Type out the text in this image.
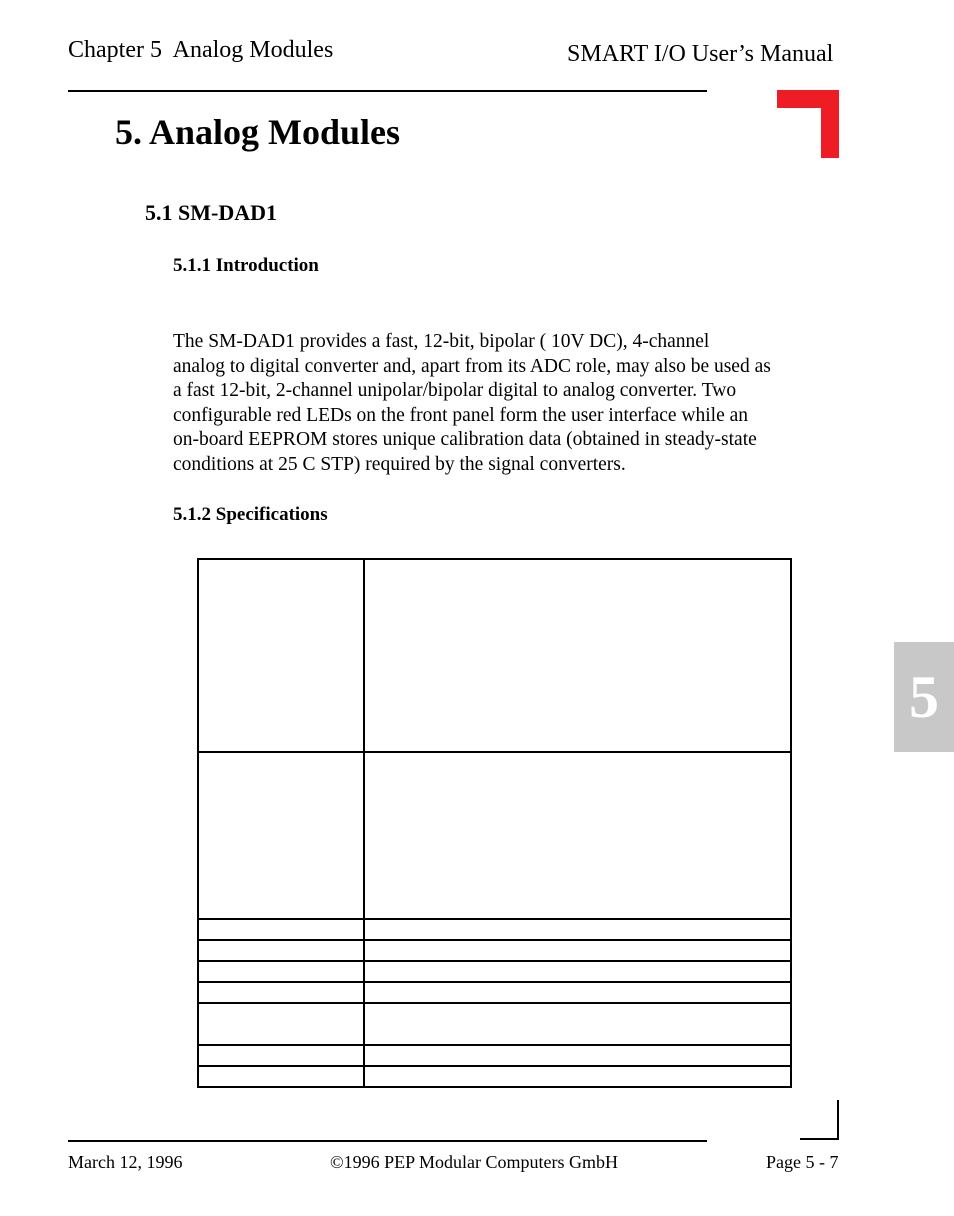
Chapter 5  Analog Modules	SMART I/O User’s Manual
5. Analog Modules
5.1 SM-DAD1
5.1.1 Introduction
The SM-DAD1 provides a fast, 12-bit, bipolar ( 10V DC), 4-channel
analog to digital converter and, apart from its ADC role, may also be used as
a fast 12-bit, 2-channel unipolar/bipolar digital to analog converter. Two
configurable red LEDs on the front panel form the user interface while an
on-board EEPROM stores unique calibration data (obtained in steady-state
conditions at 25 C STP) required by the signal converters.
5.1.2 Specifications

5
March 12, 1996	©1996 PEP Modular Computers GmbH	Page 5 - 7
